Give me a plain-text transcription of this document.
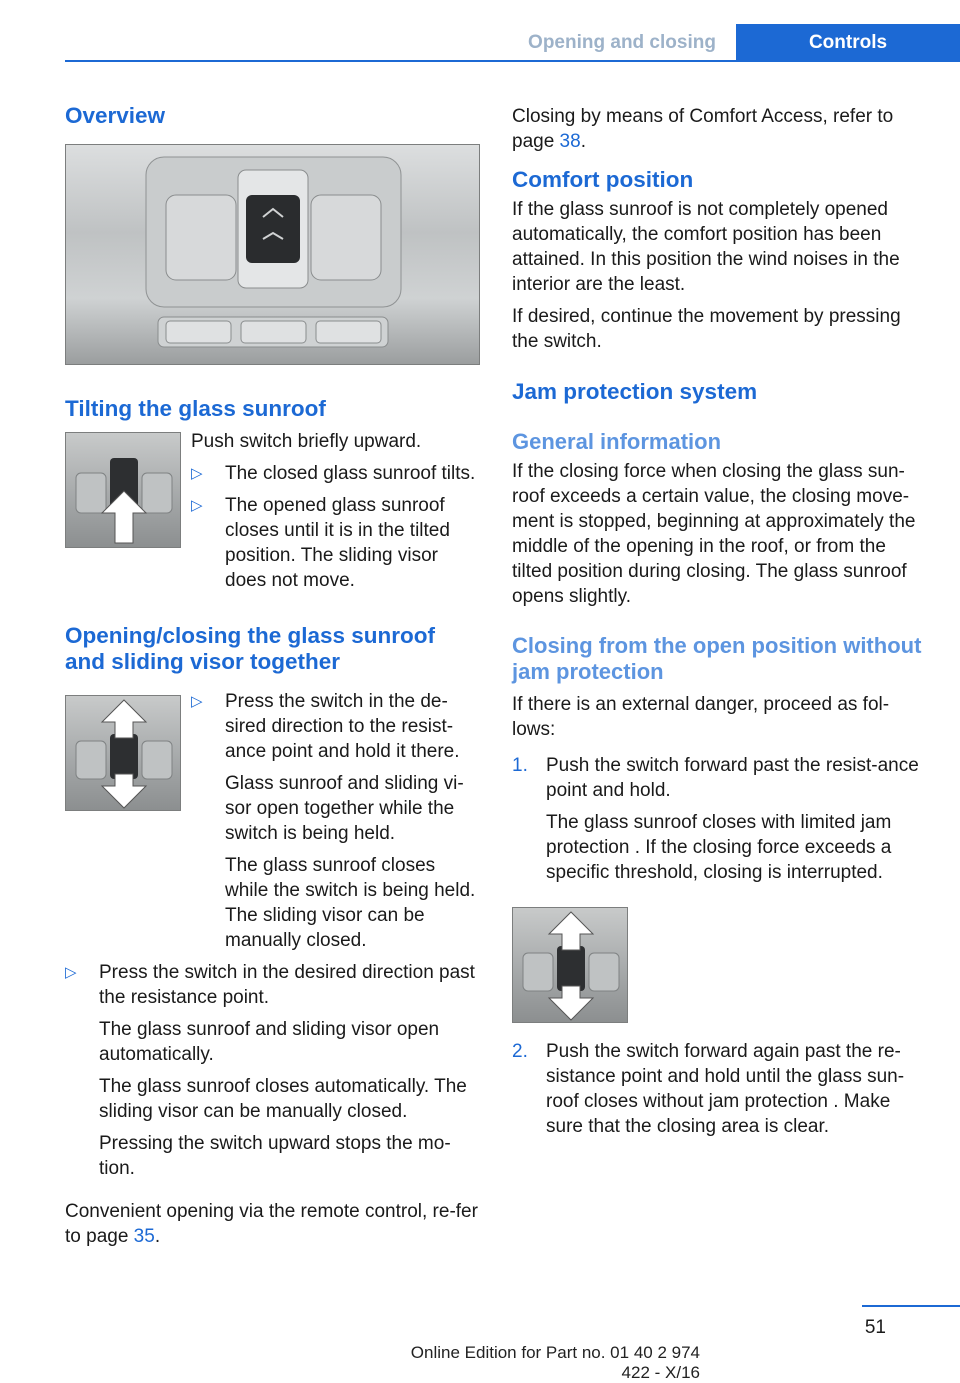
Opening and closing	Controls
Overview
Tilting the glass sunroof

Push switch briefly upward.

▷ The closed glass sunroof tilts.
▷ The opened glass sunroof closes until it is in the tilted position. The sliding visor does not move.
Opening/closing the glass sunroof and sliding visor together
▷ Press the switch in the de-sired direction to the resist-ance point and hold it there.

Glass sunroof and sliding vi-sor open together while the switch is being held.

The glass sunroof closes while the switch is being held. The sliding visor can be manually closed.

▷ Press the switch in the desired direction past the resistance point.

The glass sunroof and sliding visor open automatically.

The glass sunroof closes automatically. The sliding visor can be manually closed.

Pressing the switch upward stops the mo-tion.

Convenient opening via the remote control, re-fer to page 35.

Closing by means of Comfort Access, refer to page 38.

Comfort position

If the glass sunroof is not completely opened automatically, the comfort position has been attained. In this position the wind noises in the interior are the least.

If desired, continue the movement by pressing the switch.

Jam protection system
General information

If the closing force when closing the glass sun-roof exceeds a certain value, the closing move-ment is stopped, beginning at approximately the middle of the opening in the roof, or from the tilted position during closing. The glass sunroof opens slightly.

Closing from the open position without jam protection

If there is an external danger, proceed as fol-lows:

1. Push the switch forward past the resist-ance point and hold.

The glass sunroof closes with limited jam protection . If the closing force exceeds a specific threshold, closing is interrupted.

2. Push the switch forward again past the re-sistance point and hold until the glass sun-roof closes without jam protection . Make sure that the closing area is clear.

51
Online Edition for Part no. 01 40 2 974 422 - X/16
